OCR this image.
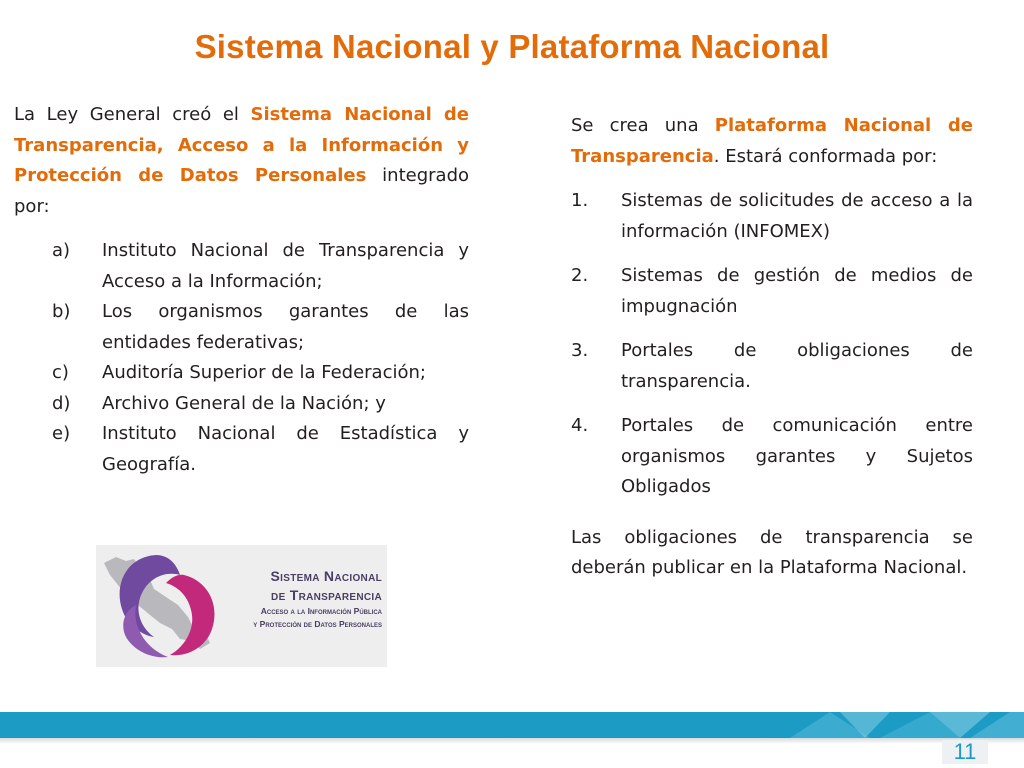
Sistema Nacional y Plataforma Nacional

La Ley General creó el Sistema Nacional de Transparencia, Acceso a la Información y Protección de Datos Personales integrado por:

a)	Instituto Nacional de Transparencia y Acceso a la Información;
b)	Los organismos garantes de las entidades federativas;
c)	Auditoría Superior de la Federación;
d)	Archivo General de la Nación; y
e)	Instituto Nacional de Estadística y Geografía.

Se crea una Plataforma Nacional de Transparencia. Estará conformada por:

1.	Sistemas de solicitudes de acceso a la información (INFOMEX)
2.	Sistemas de gestión de medios de impugnación
3.	Portales de obligaciones de transparencia.
4.	Portales de comunicación entre organismos garantes y Sujetos Obligados

Las obligaciones de transparencia se deberán publicar en la Plataforma Nacional.

Sistema Nacional
de Transparencia
Acceso a la Información Pública
y Protección de Datos Personales
11
